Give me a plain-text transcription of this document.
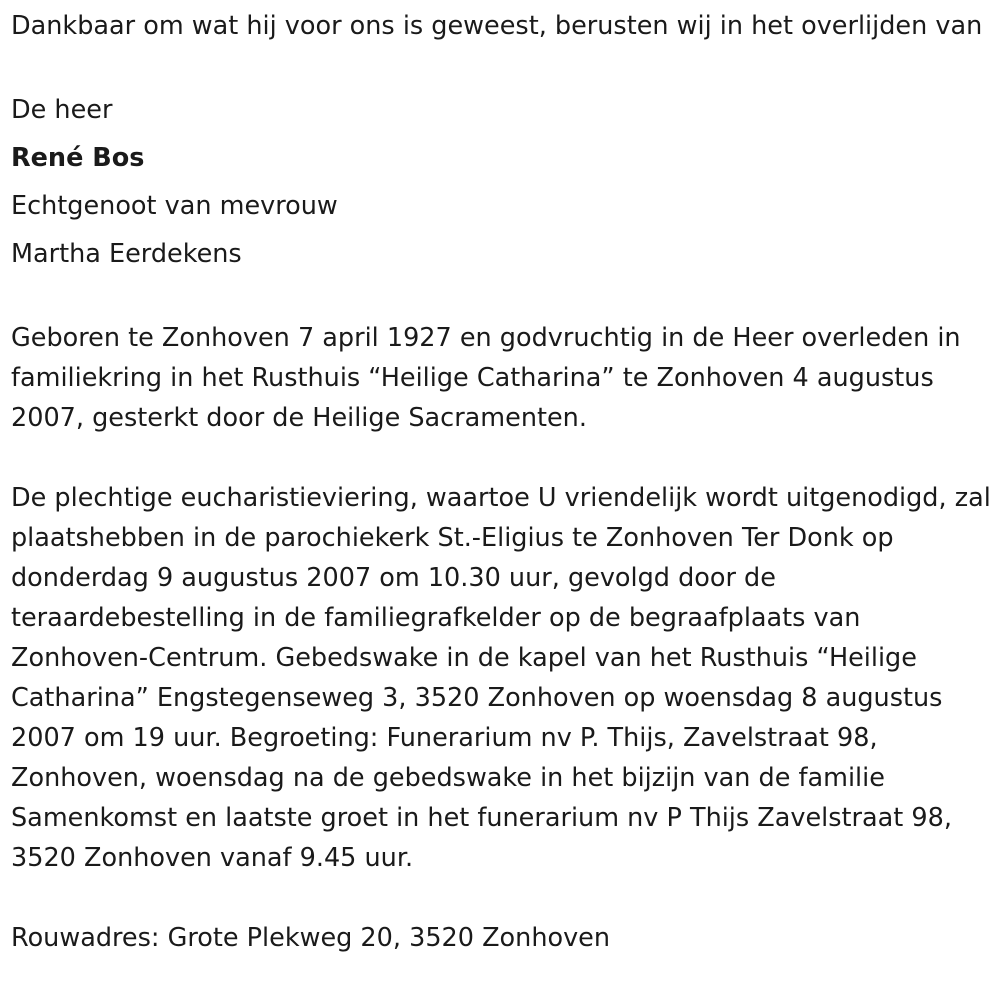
Dankbaar om wat hij voor ons is geweest, berusten wij in het overlijden van

De heer
René Bos
Echtgenoot van mevrouw
Martha Eerdekens

Geboren te Zonhoven 7 april 1927 en godvruchtig in de Heer overleden in familiekring in het Rusthuis “Heilige Catharina” te Zonhoven 4 augustus 2007, gesterkt door de Heilige Sacramenten.

De plechtige eucharistieviering, waartoe U vriendelijk wordt uitgenodigd, zal plaatshebben in de parochiekerk St.-Eligius te Zonhoven Ter Donk op donderdag 9 augustus 2007 om 10.30 uur, gevolgd door de teraardebestelling in de familiegrafkelder op de begraafplaats van Zonhoven-Centrum. Gebedswake in de kapel van het Rusthuis “Heilige Catharina” Engstegenseweg 3, 3520 Zonhoven op woensdag 8 augustus 2007 om 19 uur. Begroeting: Funerarium nv P. Thijs, Zavelstraat 98, Zonhoven, woensdag na de gebedswake in het bijzijn van de familie Samenkomst en laatste groet in het funerarium nv P Thijs Zavelstraat 98, 3520 Zonhoven vanaf 9.45 uur.

Rouwadres: Grote Plekweg 20, 3520 Zonhoven
